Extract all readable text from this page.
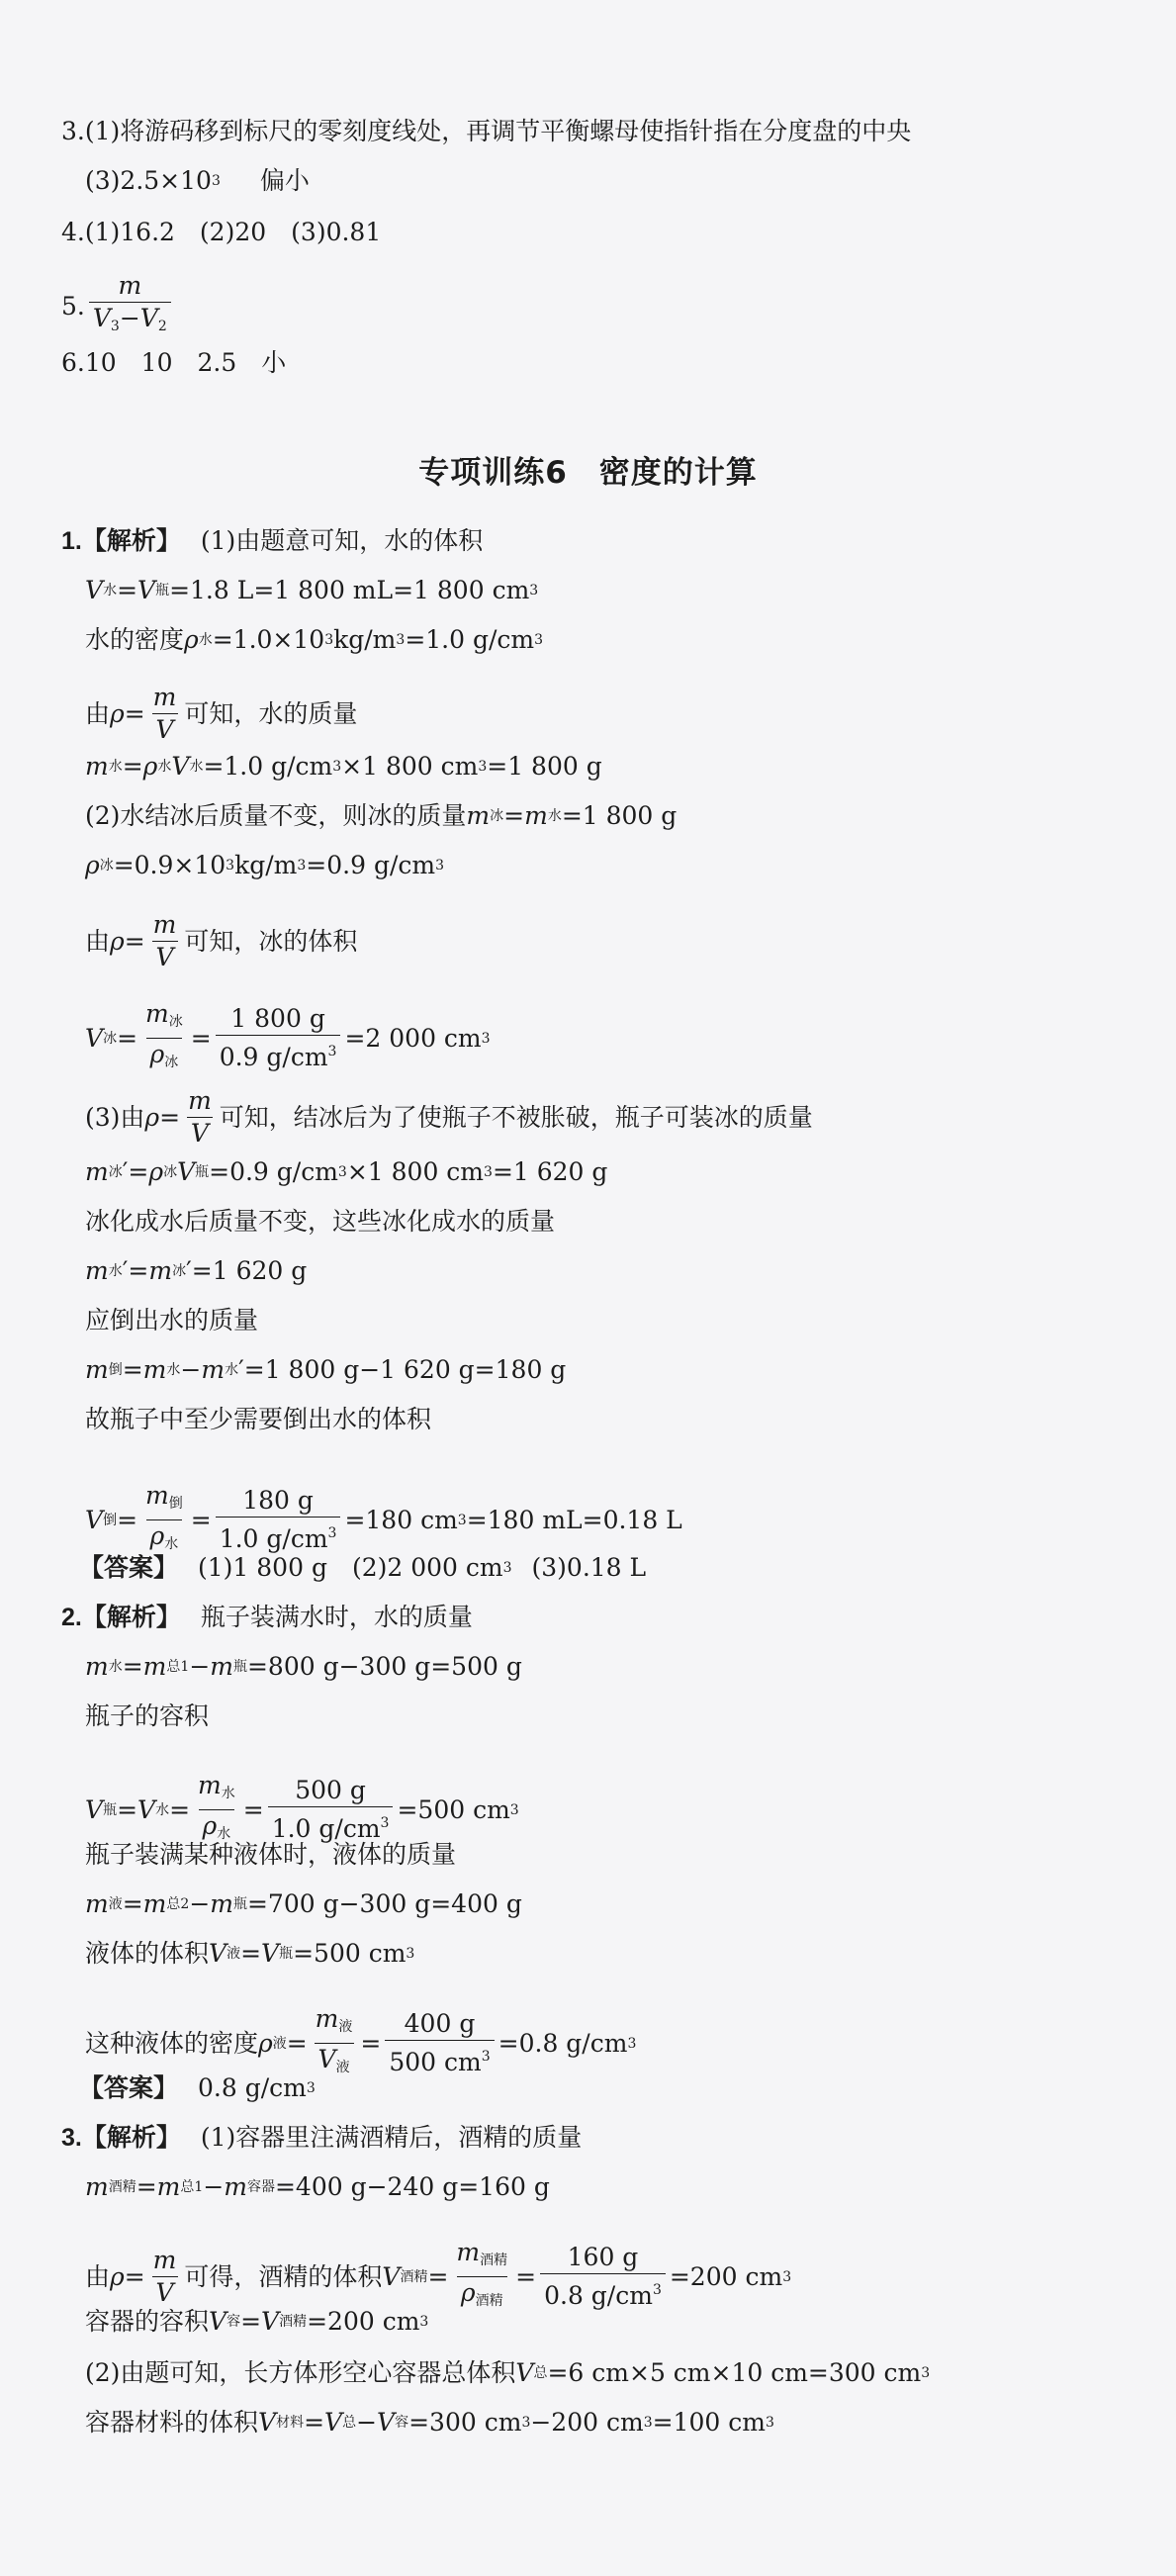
3.(1)将游码移到标尺的零刻度线处，再调节平衡螺母使指针指在分度盘的中央
(3)2.5×10 3 偏小
4.(1)16.2　(2)20　(3)0.81
5. $\frac{m}{V_3-V_2}$
6.10　10　2.5　小
专项训练6　密度的计算
1.【解析】 (1)由题意可知，水的体积
V 水 = V 瓶 =1.8 L=1 800 mL=1 800 cm 3
水的密度 ρ 水 =1.0×10 3 kg/m 3 =1.0 g/cm 3
由 $\rho = \frac{m}{V}$ 可知，水的质量
m 水 = ρ 水 V 水 =1.0 g/cm 3 ×1 800 cm 3 =1 800 g
(2)水结冰后质量不变，则冰的质量 m 冰 = m 水 =1 800 g
ρ 冰 =0.9×10 3 kg/m 3 =0.9 g/cm 3
由 $\rho = \frac{m}{V}$ 可知，冰的体积
V 冰 = $\frac{m_冰}{\rho_冰} = \frac{1 800 g}{0.9 g/cm^3} =2$ 000 cm 3
(3)由 $\rho = \frac{m}{V}$ 可知，结冰后为了使瓶子不被胀破，瓶子可装冰的质量
m 冰 ′ = ρ 冰 V 瓶 =0.9 g/cm 3 ×1 800 cm 3 =1 620 g
冰化成水后质量不变，这些冰化成水的质量
m 水 ′ = m 冰 ′ =1 620 g
应倒出水的质量
m 倒 = m 水 − m 水 ′ =1 800 g−1 620 g=180 g
故瓶子中至少需要倒出水的体积
V 倒 = $\frac{m_倒}{\rho_水} = \frac{180 g}{1.0 g/cm^3} =180$ cm 3 =180 mL=0.18 L
【答案】 (1)1 800 g　(2)2 000 cm 3 (3)0.18 L
2.【解析】 瓶子装满水时，水的质量
m 水 = m 总1 − m 瓶 =800 g−300 g=500 g
瓶子的容积
V 瓶 = V 水 = $\frac{m_水}{\rho_水} = \frac{500 g}{1.0 g/cm^3} =500$ cm 3
瓶子装满某种液体时，液体的质量
m 液 = m 总2 − m 瓶 =700 g−300 g=400 g
液体的体积 V 液 = V 瓶 =500 cm 3
这种液体的密度 ρ 液 = $\frac{m_液}{V_液} = \frac{400 g}{500 cm^3} =0.8$ g/cm 3
【答案】 0.8 g/cm 3
3.【解析】 (1)容器里注满酒精后，酒精的质量
m 酒精 = m 总1 − m 容器 =400 g−240 g=160 g
由 $\rho = \frac{m}{V}$ 可得，酒精的体积 V 酒精 = $\frac{m_{酒精}}{\rho_{酒精}} = \frac{160 g}{0.8 g/cm^3} =200$ cm 3
容器的容积 V 容 = V 酒精 =200 cm 3
(2)由题可知，长方体形空心容器总体积 V 总 =6 cm×5 cm×10 cm=300 cm 3
容器材料的体积 V 材料 = V 总 − V 容 =300 cm 3 −200 cm 3 =100 cm 3
